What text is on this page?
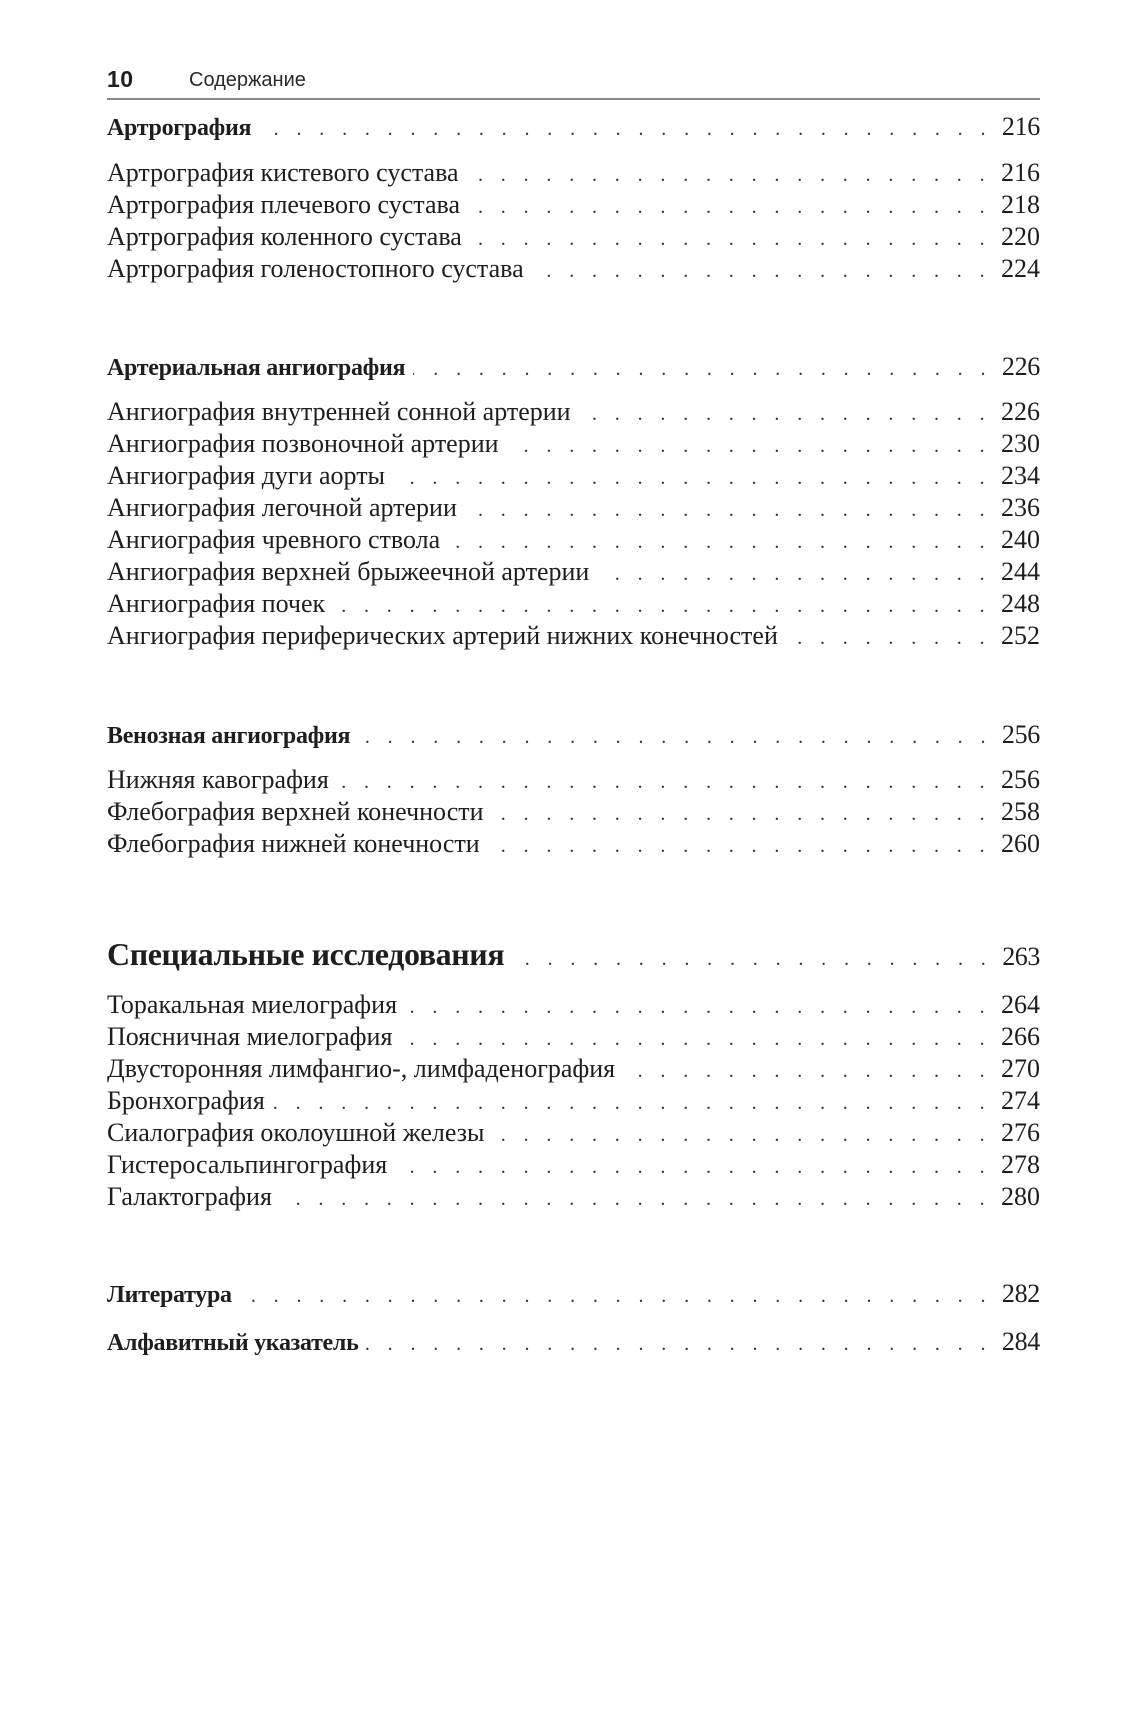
10	Содержание
Артрография . . .	216
Артрография кистевого сустава . . .	216
Артрография плечевого сустава . . .	218
Артрография коленного сустава . . .	220
Артрография голеностопного сустава . . .	224
Артериальная ангиография . . .	226
Ангиография внутренней сонной артерии . . .	226
Ангиография позвоночной артерии . . .	230
Ангиография дуги аорты . . .	234
Ангиография легочной артерии . . .	236
Ангиография чревного ствола . . .	240
Ангиография верхней брыжеечной артерии . . .	244
Ангиография почек . . .	248
Ангиография периферических артерий нижних конечностей . . .	252
Венозная ангиография . . .	256
Нижняя кавография . . .	256
Флебография верхней конечности . . .	258
Флебография нижней конечности . . .	260
Специальные исследования . . .	263
Торакальная миелография . . .	264
Поясничная миелография . . .	266
Двусторонняя лимфангио-, лимфаденография . . .	270
Бронхография . . .	274
Сиалография околоушной железы . . .	276
Гистеросальпингография . . .	278
Галактография . . .	280
Литература . . .	282
Алфавитный указатель . . .	284
